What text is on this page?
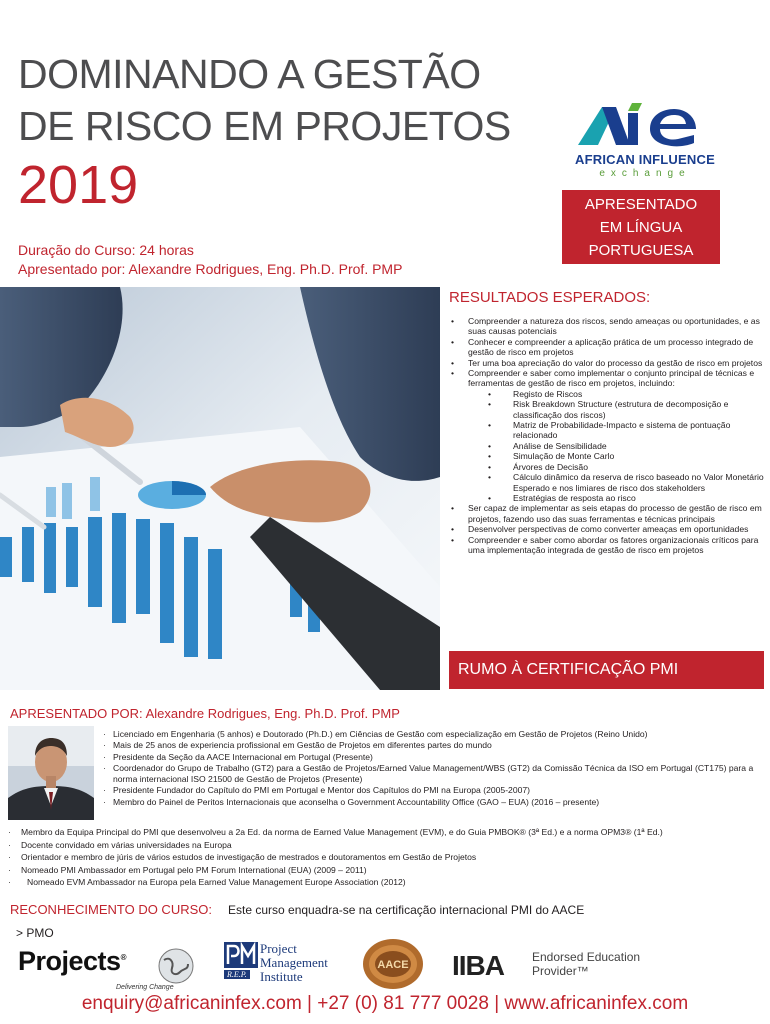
DOMINANDO A GESTÃO
DE RISCO EM PROJETOS
2019
Duração do Curso: 24 horas
Apresentado por: Alexandre Rodrigues, Eng. Ph.D. Prof. PMP
AFRICAN INFLUENCE
exchange
APRESENTADO
EM LÍNGUA
PORTUGUESA
RESULTADOS ESPERADOS:
• Compreender a natureza dos riscos, sendo ameaças ou oportunidades, e as suas causas potenciais
• Conhecer e compreender a aplicação prática de um processo integrado de gestão de risco em projetos
• Ter uma boa apreciação do valor do processo da gestão de risco em projetos
• Compreender e saber como implementar o conjunto principal de técnicas e ferramentas de gestão de risco em projetos, incluindo:
• Registo de Riscos
• Risk Breakdown Structure (estrutura de decomposição e classificação dos riscos)
• Matriz de Probabilidade-Impacto e sistema de pontuação relacionado
• Análise de Sensibilidade
• Simulação de Monte Carlo
• Árvores de Decisão
• Cálculo dinâmico da reserva de risco baseado no Valor Monetário Esperado e nos limiares de risco dos stakeholders
• Estratégias de resposta ao risco
• Ser capaz de implementar as seis etapas do processo de gestão de risco em projetos, fazendo uso das suas ferramentas e técnicas principais
• Desenvolver perspectivas de como converter ameaças em oportunidades
• Compreender e saber como abordar os fatores organizacionais críticos para uma implementação integrada de gestão de risco em projetos
RUMO À CERTIFICAÇÃO PMI
APRESENTADO POR: Alexandre Rodrigues, Eng. Ph.D. Prof. PMP
· Licenciado em Engenharia (5 anhos) e Doutorado (Ph.D.) em Ciências de Gestão com especialização em Gestão de Projetos (Reino Unido)
· Mais de 25 anos de experiencia profissional em Gestão de Projetos em diferentes partes do mundo
· Presidente da Seção da AACE Internacional em Portugal (Presente)
· Coordenador do Grupo de Trabalho (GT2) para a Gestão de Projetos/Earned Value Management/WBS (GT2) da Comissão Técnica da ISO em Portugal (CT175) para a norma internacional ISO 21500 de Gestão de Projetos (Presente)
· Presidente Fundador do Capítulo do PMI em Portugal e Mentor dos Capítulos do PMI na Europa (2005-2007)
· Membro do Painel de Peritos Internacionais que aconselha o Government Accountability Office (GAO – EUA) (2016 – presente)
· Membro da Equipa Principal do PMI que desenvolveu a 2a Ed. da norma de Earned Value Management (EVM), e do Guia PMBOK® (3ª Ed.) e a norma OPM3® (1ª Ed.)
· Docente convidado em várias universidades na Europa
· Orientador e membro de júris de vários estudos de investigação de mestrados e doutoramentos em Gestão de Projetos
· Nomeado PMI Ambassador em Portugal pelo PM Forum International (EUA) (2009 – 2011)
· Nomeado EVM Ambassador na Europa pela Earned Value Management Europe Association (2012)
RECONHECIMENTO DO CURSO: Este curso enquadra-se na certificação internacional PMI do AACE
> PMO
Projects®
Delivering Change
Project
Management
Institute
R.E.P.
AACE IIBA Endorsed Education
Provider™
enquiry@africaninfex.com | +27 (0) 81 777 0028 | www.africaninfex.com
